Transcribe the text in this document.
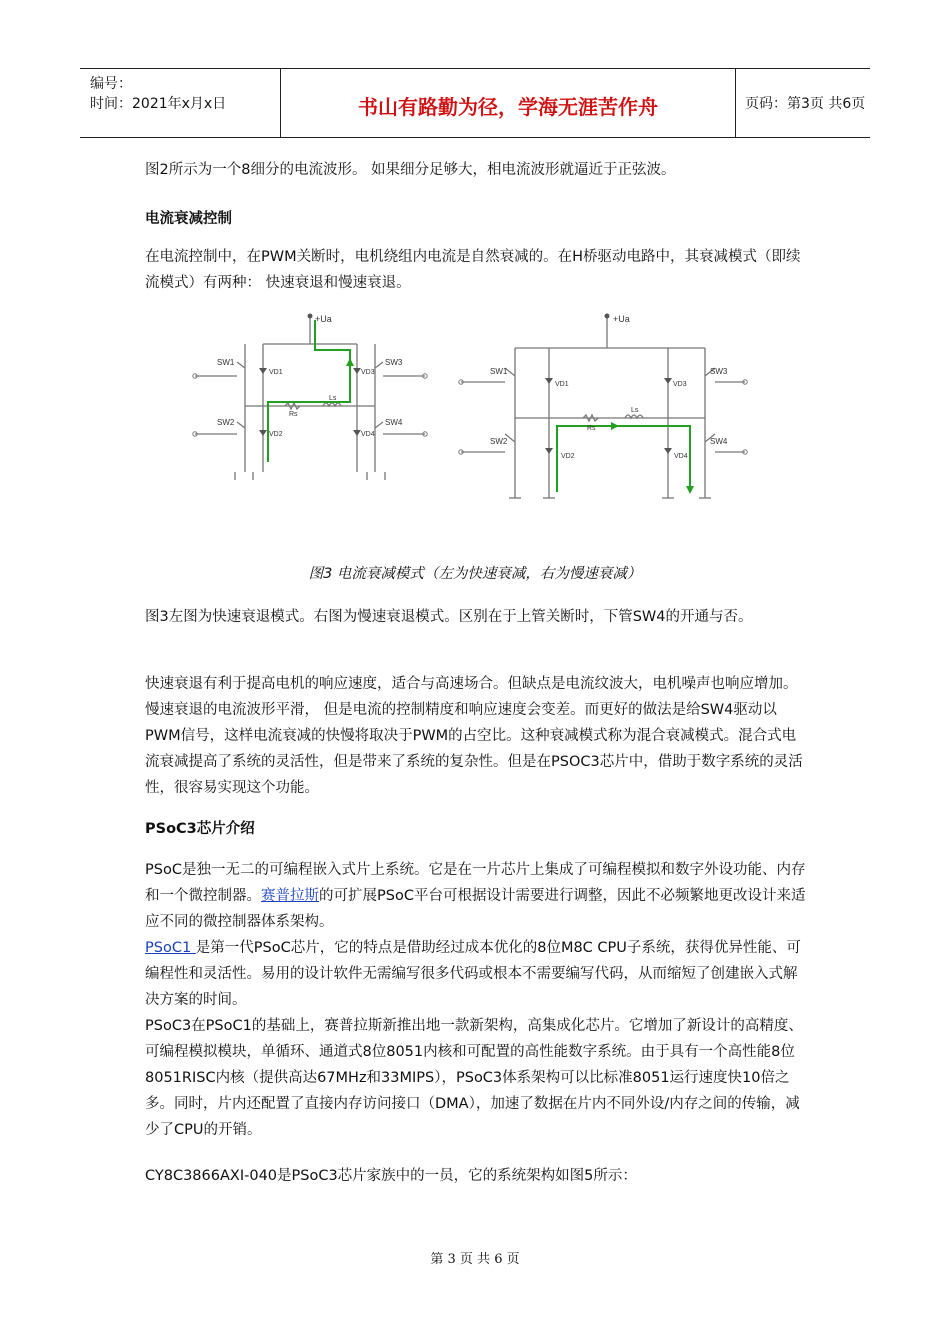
编号：
时间：2021年x月x日	书山有路勤为径，学海无涯苦作舟	页码：第3页 共6页
图2所示为一个8细分的电流波形。 如果细分足够大，相电流波形就逼近于正弦波。
电流衰减控制
在电流控制中，在PWM关断时，电机绕组内电流是自然衰减的。在H桥驱动电路中，其衰减模式（即续流模式）有两种： 快速衰退和慢速衰退。
+Ua
SW1
SW2
SW3
SW4
VD1
VD2
VD3
VD4
Rs
Ls
+Ua
SW1
SW2
SW3
SW4
VD1
VD2
VD3
VD4
Rs
Ls
图3 电流衰减模式（左为快速衰减，右为慢速衰减）
图3左图为快速衰退模式。右图为慢速衰退模式。区别在于上管关断时，下管SW4的开通与否。
快速衰退有利于提高电机的响应速度，适合与高速场合。但缺点是电流纹波大，电机噪声也响应增加。 慢速衰退的电流波形平滑， 但是电流的控制精度和响应速度会变差。而更好的做法是给SW4驱动以PWM信号，这样电流衰减的快慢将取决于PWM的占空比。这种衰减模式称为混合衰减模式。混合式电流衰减提高了系统的灵活性，但是带来了系统的复杂性。但是在PSOC3芯片中，借助于数字系统的灵活性，很容易实现这个功能。
PSoC3芯片介绍
PSoC是独一无二的可编程嵌入式片上系统。它是在一片芯片上集成了可编程模拟和数字外设功能、内存和一个微控制器。赛普拉斯的可扩展PSoC平台可根据设计需要进行调整，因此不必频繁地更改设计来适应不同的微控制器体系架构。
PSoC1 是第一代PSoC芯片，它的特点是借助经过成本优化的8位M8C CPU子系统，获得优异性能、可编程性和灵活性。易用的设计软件无需编写很多代码或根本不需要编写代码，从而缩短了创建嵌入式解决方案的时间。
PSoC3在PSoC1的基础上，赛普拉斯新推出地一款新架构，高集成化芯片。它增加了新设计的高精度、可编程模拟模块，单循环、通道式8位8051内核和可配置的高性能数字系统。由于具有一个高性能8位8051RISC内核（提供高达67MHz和33MIPS），PSoC3体系架构可以比标准8051运行速度快10倍之多。同时，片内还配置了直接内存访问接口（DMA），加速了数据在片内不同外设/内存之间的传输，减少了CPU的开销。
CY8C3866AXI-040是PSoC3芯片家族中的一员，它的系统架构如图5所示：
第 3 页 共 6 页
